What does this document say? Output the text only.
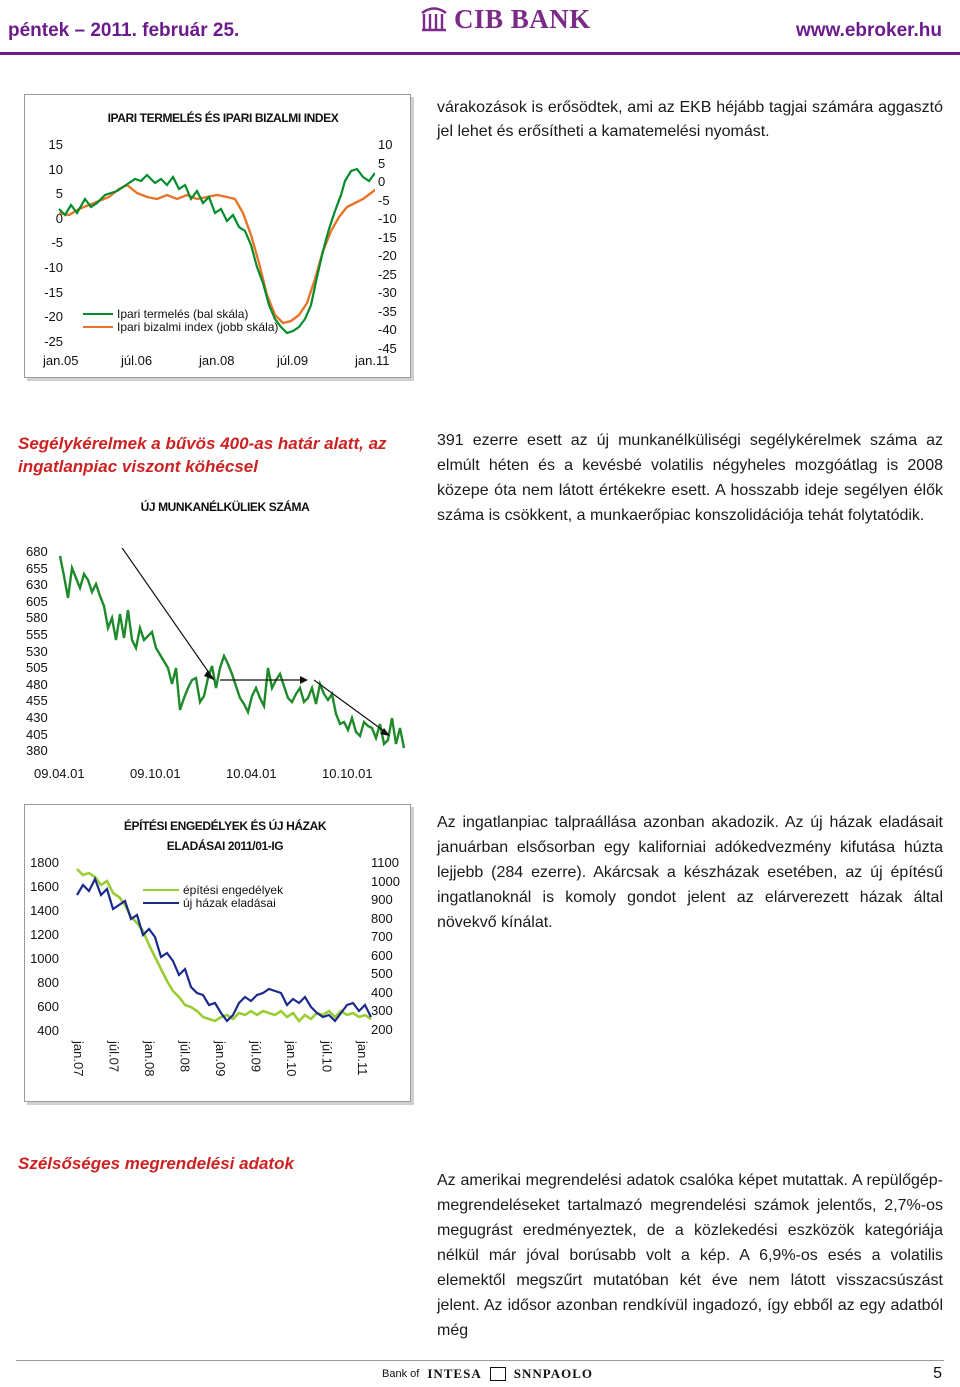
péntek – 2011. február 25.	CIB BANK	www.ebroker.hu
IPARI TERMELÉS ÉS IPARI BIZALMI INDEX
15
10
5
0
-5
-10
-15
-20
-25
10
5
0
-5
-10
-15
-20
-25
-30
-35
-40
-45
jan.05	júl.06	jan.08	júl.09	jan.11
Ipari termelés (bal skála)
Ipari bizalmi index (jobb skála)
várakozások is erősödtek, ami az EKB héjább tagjai számára aggasztó jel lehet és erősítheti a kamatemelési nyomást.
Segélykérelmek a bűvös 400-as határ alatt, az ingatlanpiac viszont köhécsel
ÚJ MUNKANÉLKÜLIEK SZÁMA
680
655
630
605
580
555
530
505
480
455
430
405
380
09.04.01	09.10.01	10.04.01	10.10.01
391 ezerre esett az új munkanélküliségi segélykérelmek száma az elmúlt héten és a kevésbé volatilis négyheles mozgóátlag is 2008 közepe óta nem látott értékekre esett. A hosszabb ideje segélyen élők száma is csökkent, a munkaerőpiac konszolidációja tehát folytatódik.
ÉPÍTÉSI ENGEDÉLYEK ÉS ÚJ HÁZAK
ELADÁSAI 2011/01-IG
1800
1600
1400
1200
1000
800
600
400
1100
1000
900
800
700
600
500
400
300
200
jan.07 júl.07 jan.08 júl.08 jan.09 júl.09 jan.10 júl.10 jan.11
építési engedélyek
új házak eladásai
Az ingatlanpiac talpraállása azonban akadozik. Az új házak eladásait januárban elsősorban egy kaliforniai adókedvezmény kifutása húzta lejjebb (284 ezerre). Akárcsak a készházak esetében, az új építésű ingatlanoknál is komoly gondot jelent az elárverezett házak által növekvő kínálat.
Szélsőséges megrendelési adatok
Az amerikai megrendelési adatok csalóka képet mutattak. A repülőgép-megrendeléseket tartalmazó megrendelési számok jelentős, 2,7%-os megugrást eredményeztek, de a közlekedési eszközök kategóriája nélkül már jóval borúsabb volt a kép. A 6,9%-os esés a volatilis elemektől megszűrt mutatóban két éve nem látott visszacsúszást jelent. Az idősor azonban rendkívül ingadozó, így ebből az egy adatból még
Bank of INTESA SNNPAOLO	5
